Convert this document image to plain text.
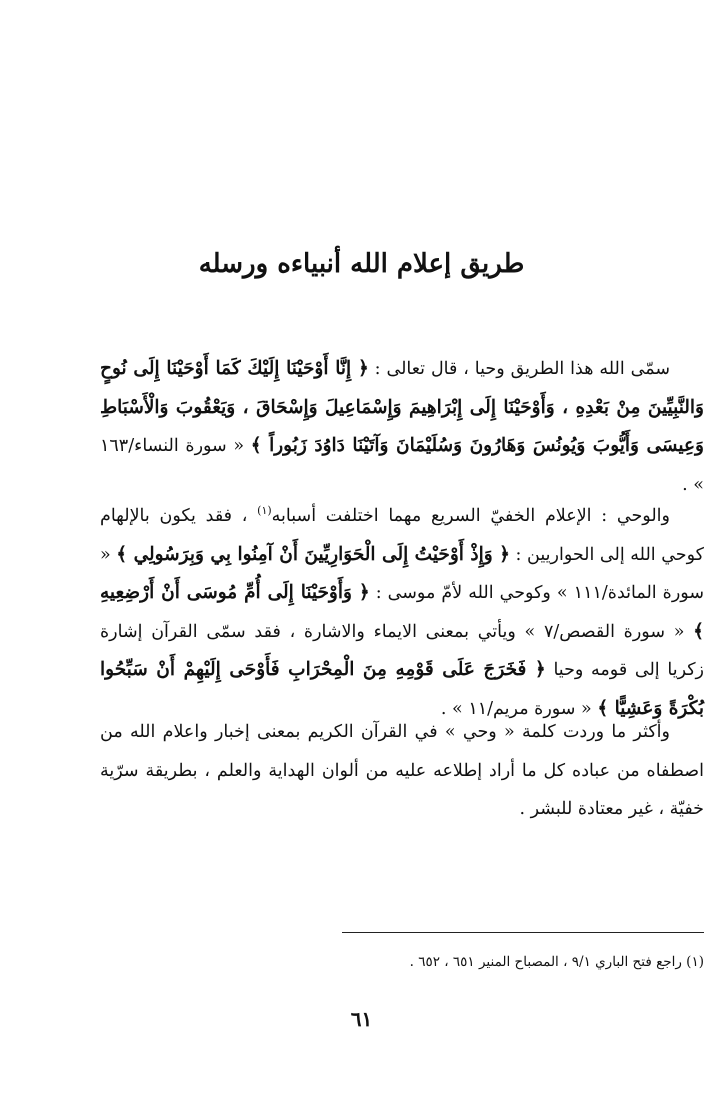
طريق إعلام الله أنبياءه ورسله
سمّى الله هذا الطريق وحيا ، قال تعالى : ﴿ إِنَّا أَوْحَيْنَا إِلَيْكَ كَمَا أَوْحَيْنَا إِلَى نُوحٍ وَالنَّبِيِّينَ مِنْ بَعْدِهِ ، وَأَوْحَيْنَا إِلَى إِبْرَاهِيمَ وَإِسْمَاعِيلَ وَإِسْحَاقَ ، وَيَعْقُوبَ وَالْأَسْبَاطِ وَعِيسَى وَأَيُّوبَ وَيُونُسَ وَهَارُونَ وَسُلَيْمَانَ وَآتَيْنَا دَاوُدَ زَبُوراً ﴾ « سورة النساء/١٦٣ » .
والوحي : الإعلام الخفيّ السريع مهما اختلفت أسبابه$^{(١)}$ ، فقد يكون بالإلهام كوحي الله إلى الحواريين : ﴿ وَإِذْ أَوْحَيْتُ إِلَى الْحَوَارِيِّينَ أَنْ آمِنُوا بِي وَبِرَسُولِي ﴾ « سورة المائدة/١١١ » وكوحي الله لأمّ موسى : ﴿ وَأَوْحَيْنَا إِلَى أُمِّ مُوسَى أَنْ أَرْضِعِيهِ ﴾ « سورة القصص/٧ » ويأتي بمعنى الايماء والاشارة ، فقد سمّى القرآن إشارة زكريا إلى قومه وحيا ﴿ فَخَرَجَ عَلَى قَوْمِهِ مِنَ الْمِحْرَابِ فَأَوْحَى إِلَيْهِمْ أَنْ سَبِّحُوا بُكْرَةً وَعَشِيًّا ﴾ « سورة مريم/١١ » .
وأكثر ما وردت كلمة « وحي » في القرآن الكريم بمعنى إخبار واعلام الله من اصطفاه من عباده كل ما أراد إطلاعه عليه من ألوان الهداية والعلم ، بطريقة سرّية خفيّة ، غير معتادة للبشر .
(١) راجع فتح الباري ٩/١ ، المصباح المنير ٦٥١ ، ٦٥٢ .
٦١
